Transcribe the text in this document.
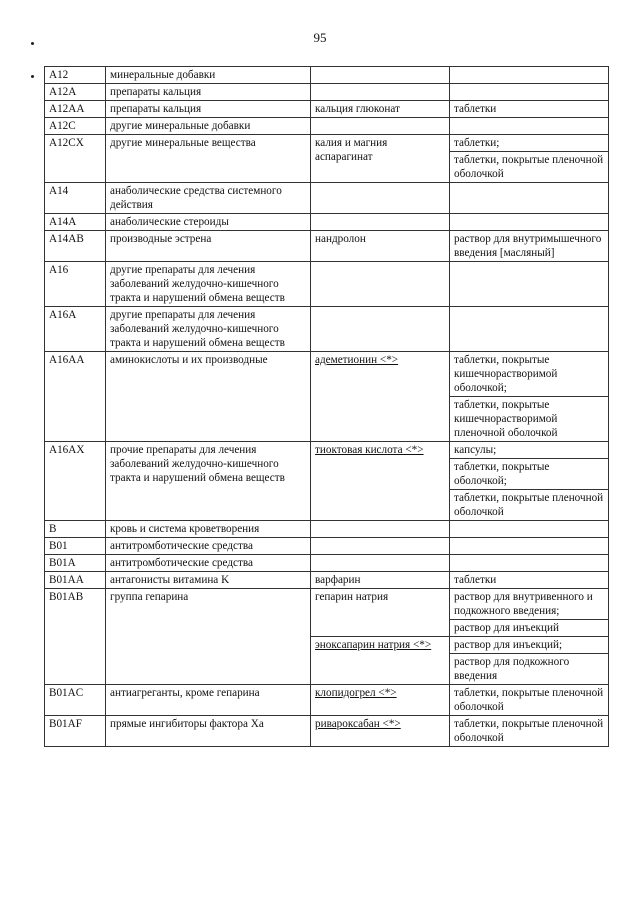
95
A12	минеральные добавки		
A12A	препараты кальция		
A12AA	препараты кальция	кальция глюконат	таблетки
A12C	другие минеральные добавки		
A12CX	другие минеральные вещества	калия и магния аспарагинат	таблетки;
			таблетки, покрытые пленочной оболочкой
A14	анаболические средства системного действия		
A14A	анаболические стероиды		
A14AB	производные эстрена	нандролон	раствор для внутримышечного введения [масляный]
A16	другие препараты для лечения заболеваний желудочно-кишечного тракта и нарушений обмена веществ		
A16A	другие препараты для лечения заболеваний желудочно-кишечного тракта и нарушений обмена веществ		
A16AA	аминокислоты и их производные	адеметионин <*>	таблетки, покрытые кишечнорастворимой оболочкой;
			таблетки, покрытые кишечнорастворимой пленочной оболочкой
A16AX	прочие препараты для лечения заболеваний желудочно-кишечного тракта и нарушений обмена веществ	тиоктовая кислота <*>	капсулы;
			таблетки, покрытые оболочкой;
			таблетки, покрытые пленочной оболочкой
B	кровь и система кроветворения		
B01	антитромботические средства		
B01A	антитромботические средства		
B01AA	антагонисты витамина K	варфарин	таблетки
B01AB	группа гепарина	гепарин натрия	раствор для внутривенного и подкожного введения;
			раствор для инъекций
		эноксапарин натрия <*>	раствор для инъекций;
			раствор для подкожного введения
B01AC	антиагреганты, кроме гепарина	клопидогрел <*>	таблетки, покрытые пленочной оболочкой
B01AF	прямые ингибиторы фактора Xa	ривароксабан <*>	таблетки, покрытые пленочной оболочкой
